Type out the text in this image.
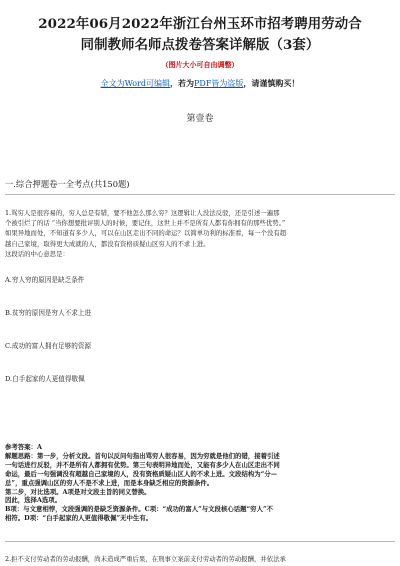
2022年06月2022年浙江台州玉环市招考聘用劳动合
同制教师名师点拨卷答案详解版（3套）
（图片大小可自由调整）
全文为Word可编辑，若为PDF皆为盗版，请谨慎购买！
第壹卷
一.综合押题卷一全考点(共150题)
1.骂穷人是很容易的，穷人总是有错，要不他怎么那么穷？这逻辑让人没法反驳，还是引述一遍那
个被引烂了的话 “当你想要批评别人的时候，要记住，这世上并不是所有人都有你拥有的那些优势。”
如果异地而处，不知道有多少人，可以在山区走出不同的命运？以简单功利的标准看，每一个没有超
越自己家境，取得更大成就的人，都没有资格质疑山区穷人的不求上进。
这段话的中心意思是：
A.穷人穷的原因是缺乏条件
B.贫穷的原因是穷人不求上进
C.成功的富人拥有足够的资源
D.白手起家的人更值得敬佩
参考答案：A
解题思路：第一步，分析文段。首句以反问句指出骂穷人很容易，因为穷就是他们的错，接着引述
一句话进行反驳，并不是所有人都拥有优势。第三句表明异地而处，又能有多少人在山区走出不同
命运，最后一句强调没有超越自己家境的人，没有资格质疑山区人的不求上进。文段结构为“分—
总”，重点强调山区的穷人不是不求上进，而是本身缺乏相应的资源条件。
第二步，对比选项。A项是对文段主旨的同义替换。
因此，选择A选项。
B项：与文意相悖，文段强调的是缺乏资源条件。C项：“成功的富人”与文段核心话题“穷人”不
相符。D项：“白手起家的人更值得敬佩”无中生有。
2.拒不支付劳动者的劳动报酬，尚未造成严重后果，在刑事立案前支付劳动者的劳动报酬，并依法承
